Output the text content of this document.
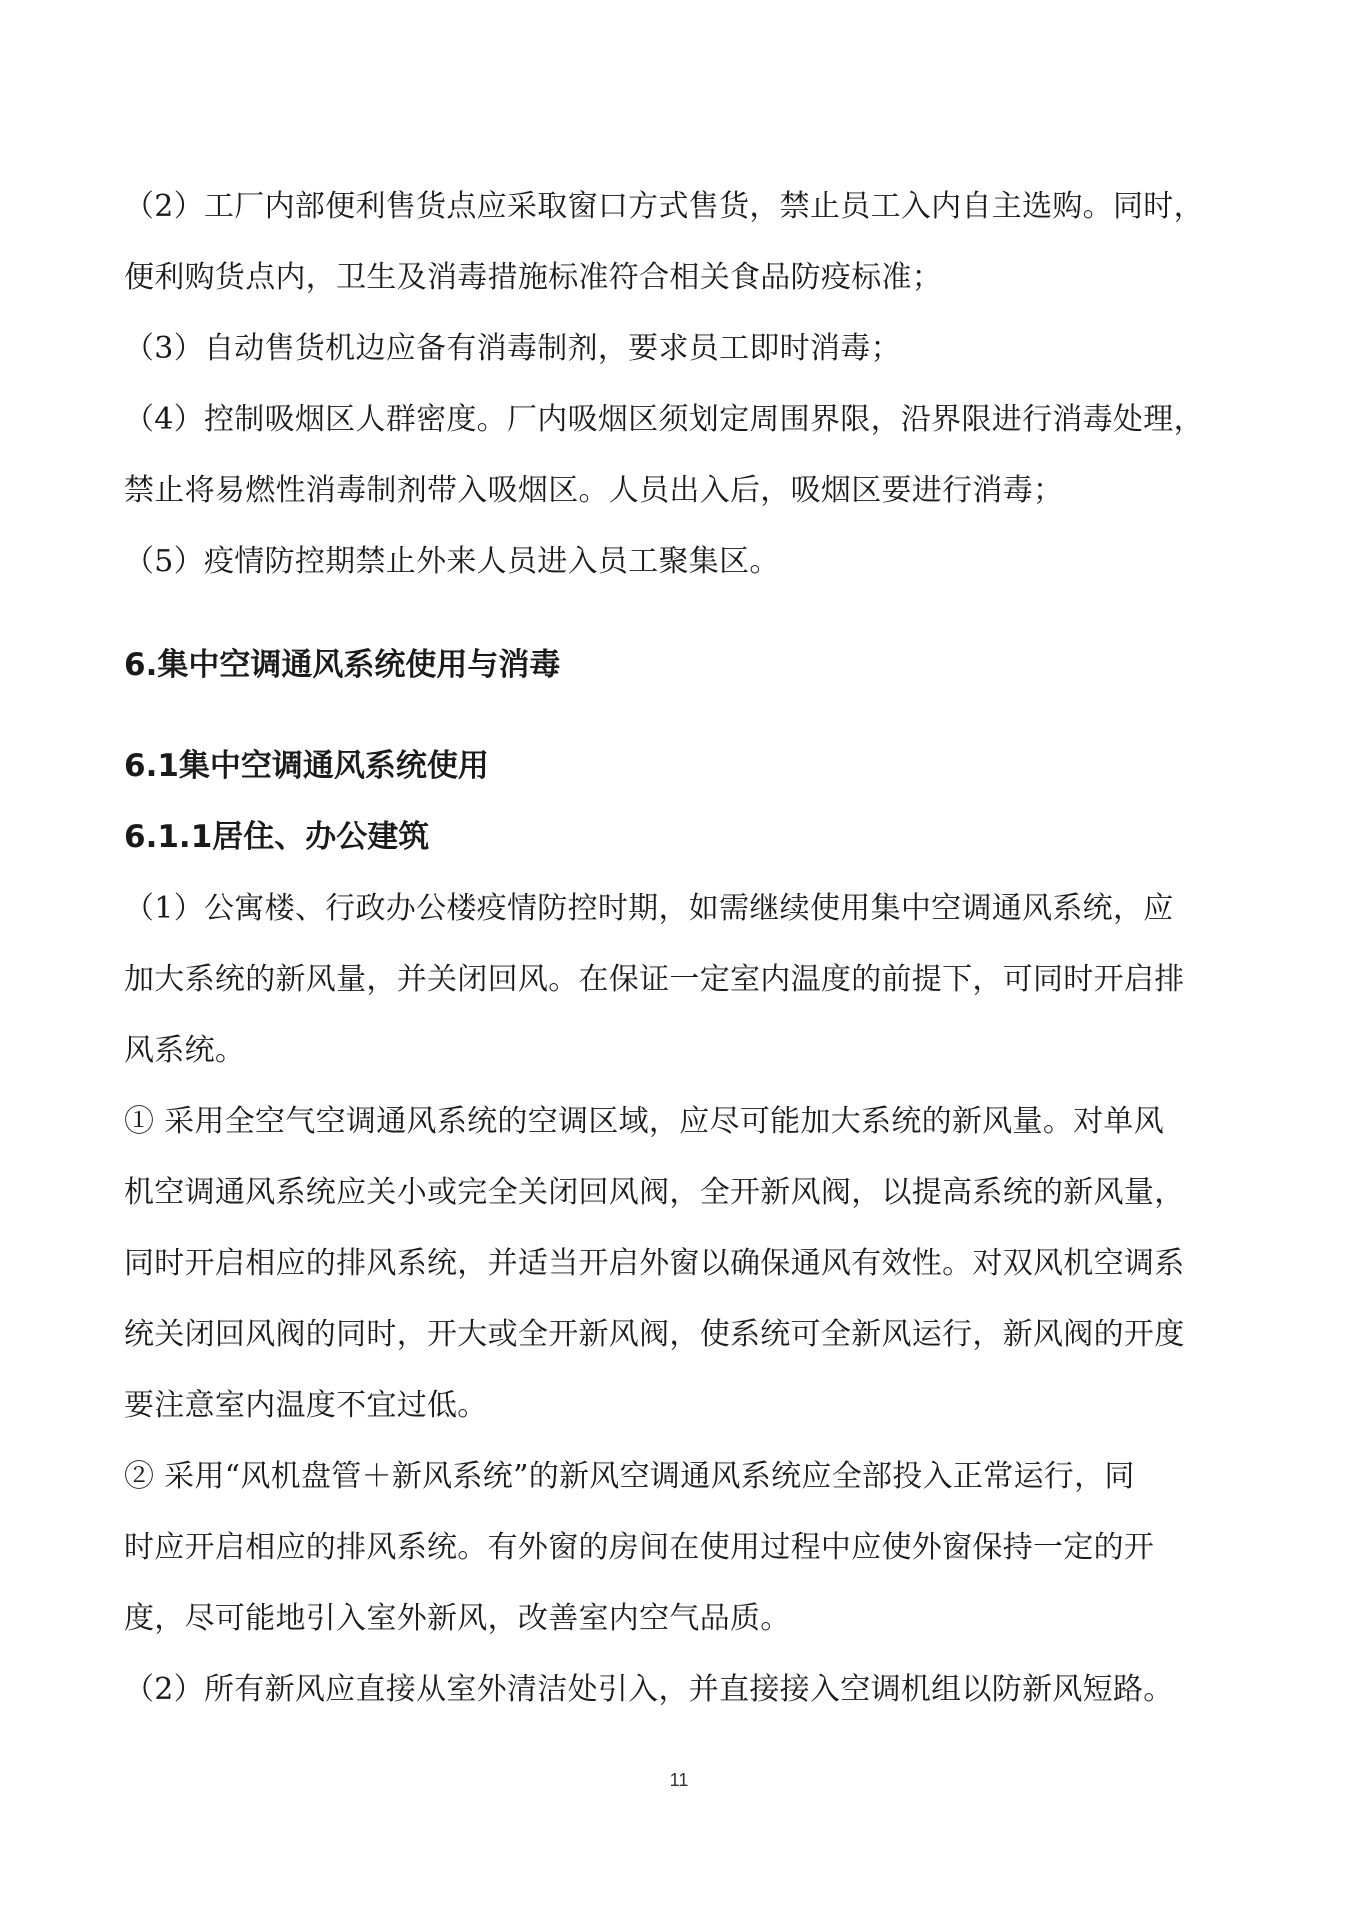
（2）工厂内部便利售货点应采取窗口方式售货，禁止员工入内自主选购。同时，
便利购货点内，卫生及消毒措施标准符合相关食品防疫标准；

（3）自动售货机边应备有消毒制剂，要求员工即时消毒；

（4）控制吸烟区人群密度。厂内吸烟区须划定周围界限，沿界限进行消毒处理，
禁止将易燃性消毒制剂带入吸烟区。人员出入后，吸烟区要进行消毒；

（5）疫情防控期禁止外来人员进入员工聚集区。

6.集中空调通风系统使用与消毒
6.1集中空调通风系统使用
6.1.1居住、办公建筑

（1）公寓楼、行政办公楼疫情防控时期，如需继续使用集中空调通风系统，应
加大系统的新风量，并关闭回风。在保证一定室内温度的前提下，可同时开启排
风系统。

① 采用全空气空调通风系统的空调区域，应尽可能加大系统的新风量。对单风
机空调通风系统应关小或完全关闭回风阀，全开新风阀，以提高系统的新风量，
同时开启相应的排风系统，并适当开启外窗以确保通风有效性。对双风机空调系
统关闭回风阀的同时，开大或全开新风阀，使系统可全新风运行，新风阀的开度
要注意室内温度不宜过低。

② 采用“风机盘管＋新风系统”的新风空调通风系统应全部投入正常运行，同
时应开启相应的排风系统。有外窗的房间在使用过程中应使外窗保持一定的开
度，尽可能地引入室外新风，改善室内空气品质。

（2）所有新风应直接从室外清洁处引入，并直接接入空调机组以防新风短路。

11
